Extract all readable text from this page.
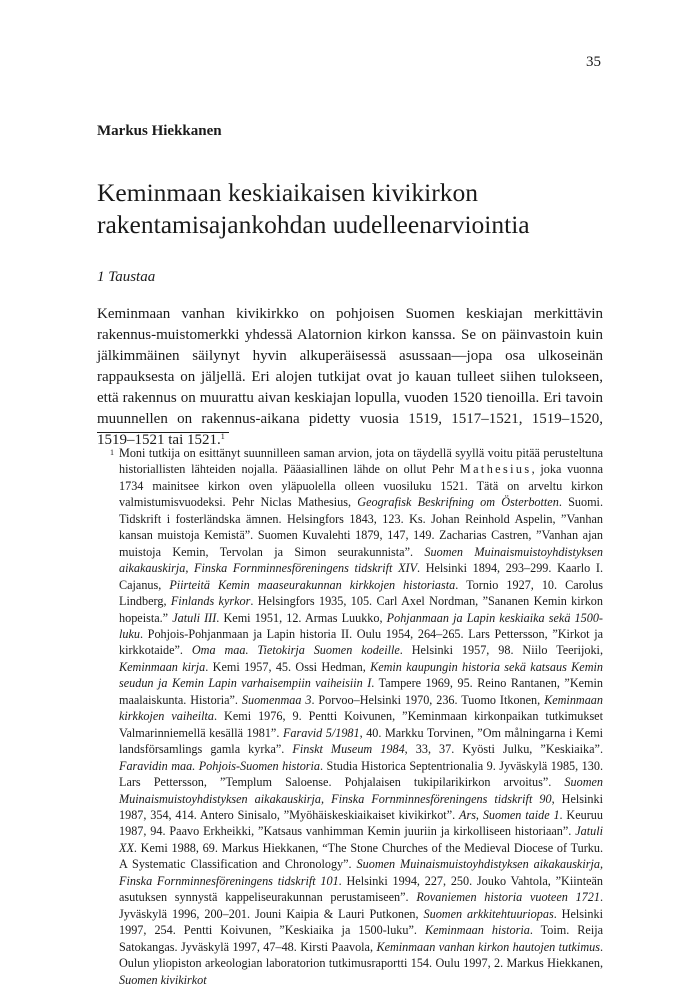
35
Markus Hiekkanen
Keminmaan keskiaikaisen kivikirkon rakentamisajankohdan uudelleenarviointia
1 Taustaa

Keminmaan vanhan kivikirkko on pohjoisen Suomen keskiajan merkittävin rakennus-muistomerkki yhdessä Alatornion kirkon kanssa. Se on päinvastoin kuin jälkimmäinen säilynyt hyvin alkuperäisessä asussaan—jopa osa ulkoseinän rappauksesta on jäljellä. Eri alojen tutkijat ovat jo kauan tulleet siihen tulokseen, että rakennus on muurattu aivan keskiajan lopulla, vuoden 1520 tienoilla. Eri tavoin muunnellen on rakennus-aikana pidetty vuosia 1519, 1517–1521, 1519–1520, 1519–1521 tai 1521.$^1$

1 Moni tutkija on esittänyt suunnilleen saman arvion, jota on täydellä syyllä voitu pitää perusteltuna historiallisten lähteiden nojalla. Pääasiallinen lähde on ollut Pehr Mathesius, joka vuonna 1734 mainitsee kirkon oven yläpuolella olleen vuosiluku 1521. Tätä on arveltu kirkon valmistumisvuodeksi. Pehr Niclas Mathesius, Geografisk Beskrifning om Österbotten. Suomi. Tidskrift i fosterländska ämnen. Helsingfors 1843, 123. Ks. Johan Reinhold Aspelin, ”Vanhan kansan muistoja Kemistä”. Suomen Kuvalehti 1879, 147, 149. Zacharias Castren, ”Vanhan ajan muistoja Kemin, Tervolan ja Simon seurakunnista”. Suomen Muinaismuistoyhdistyksen aikakauskirja, Finska Fornminnesföreningens tidskrift XIV. Helsinki 1894, 293–299. Kaarlo I. Cajanus, Piirteitä Kemin maaseurakunnan kirkkojen historiasta. Tornio 1927, 10. Carolus Lindberg, Finlands kyrkor. Helsingfors 1935, 105. Carl Axel Nordman, ”Sananen Kemin kirkon hopeista.” Jatuli III. Kemi 1951, 12. Armas Luukko, Pohjanmaan ja Lapin keskiaika sekä 1500-luku. Pohjois-Pohjanmaan ja Lapin historia II. Oulu 1954, 264–265. Lars Pettersson, ”Kirkot ja kirkkotaide”. Oma maa. Tietokirja Suomen kodeille. Helsinki 1957, 98. Niilo Teerijoki, Keminmaan kirja. Kemi 1957, 45. Ossi Hedman, Kemin kaupungin historia sekä katsaus Kemin seudun ja Kemin Lapin varhaisempiin vaiheisiin I. Tampere 1969, 95. Reino Rantanen, ”Kemin maalaiskunta. Historia”. Suomenmaa 3. Porvoo–Helsinki 1970, 236. Tuomo Itkonen, Keminmaan kirkkojen vaiheilta. Kemi 1976, 9. Pentti Koivunen, ”Keminmaan kirkonpaikan tutkimukset Valmarinniemellä kesällä 1981”. Faravid 5/1981, 40. Markku Torvinen, ”Om målningarna i Kemi landsförsamlings gamla kyrka”. Finskt Museum 1984, 33, 37. Kyösti Julku, ”Keskiaika”. Faravidin maa. Pohjois-Suomen historia. Studia Historica Septentrionalia 9. Jyväskylä 1985, 130. Lars Pettersson, ”Templum Saloense. Pohjalaisen tukipilarikirkon arvoitus”. Suomen Muinaismuistoyhdistyksen aikakauskirja, Finska Fornminnesföreningens tidskrift 90, Helsinki 1987, 354, 414. Antero Sinisalo, ”Myöhäiskeskiaikaiset kivikirkot”. Ars, Suomen taide 1. Keuruu 1987, 94. Paavo Erkheikki, ”Katsaus vanhimman Kemin juuriin ja kirkolliseen historiaan”. Jatuli XX. Kemi 1988, 69. Markus Hiekkanen, “The Stone Churches of the Medieval Diocese of Turku. A Systematic Classification and Chronology”. Suomen Muinaismuistoyhdistyksen aikakauskirja, Finska Fornminnesföreningens tidskrift 101. Helsinki 1994, 227, 250. Jouko Vahtola, ”Kiinteän asutuksen synnystä kappeliseurakunnan perustamiseen”. Rovaniemen historia vuoteen 1721. Jyväskylä 1996, 200–201. Jouni Kaipia & Lauri Putkonen, Suomen arkkitehtuuriopas. Helsinki 1997, 254. Pentti Koivunen, ”Keskiaika ja 1500-luku”. Keminmaan historia. Toim. Reija Satokangas. Jyväskylä 1997, 47–48. Kirsti Paavola, Keminmaan vanhan kirkon hautojen tutkimus. Oulun yliopiston arkeologian laboratorion tutkimusraportti 154. Oulu 1997, 2. Markus Hiekkanen, Suomen kivikirkot
